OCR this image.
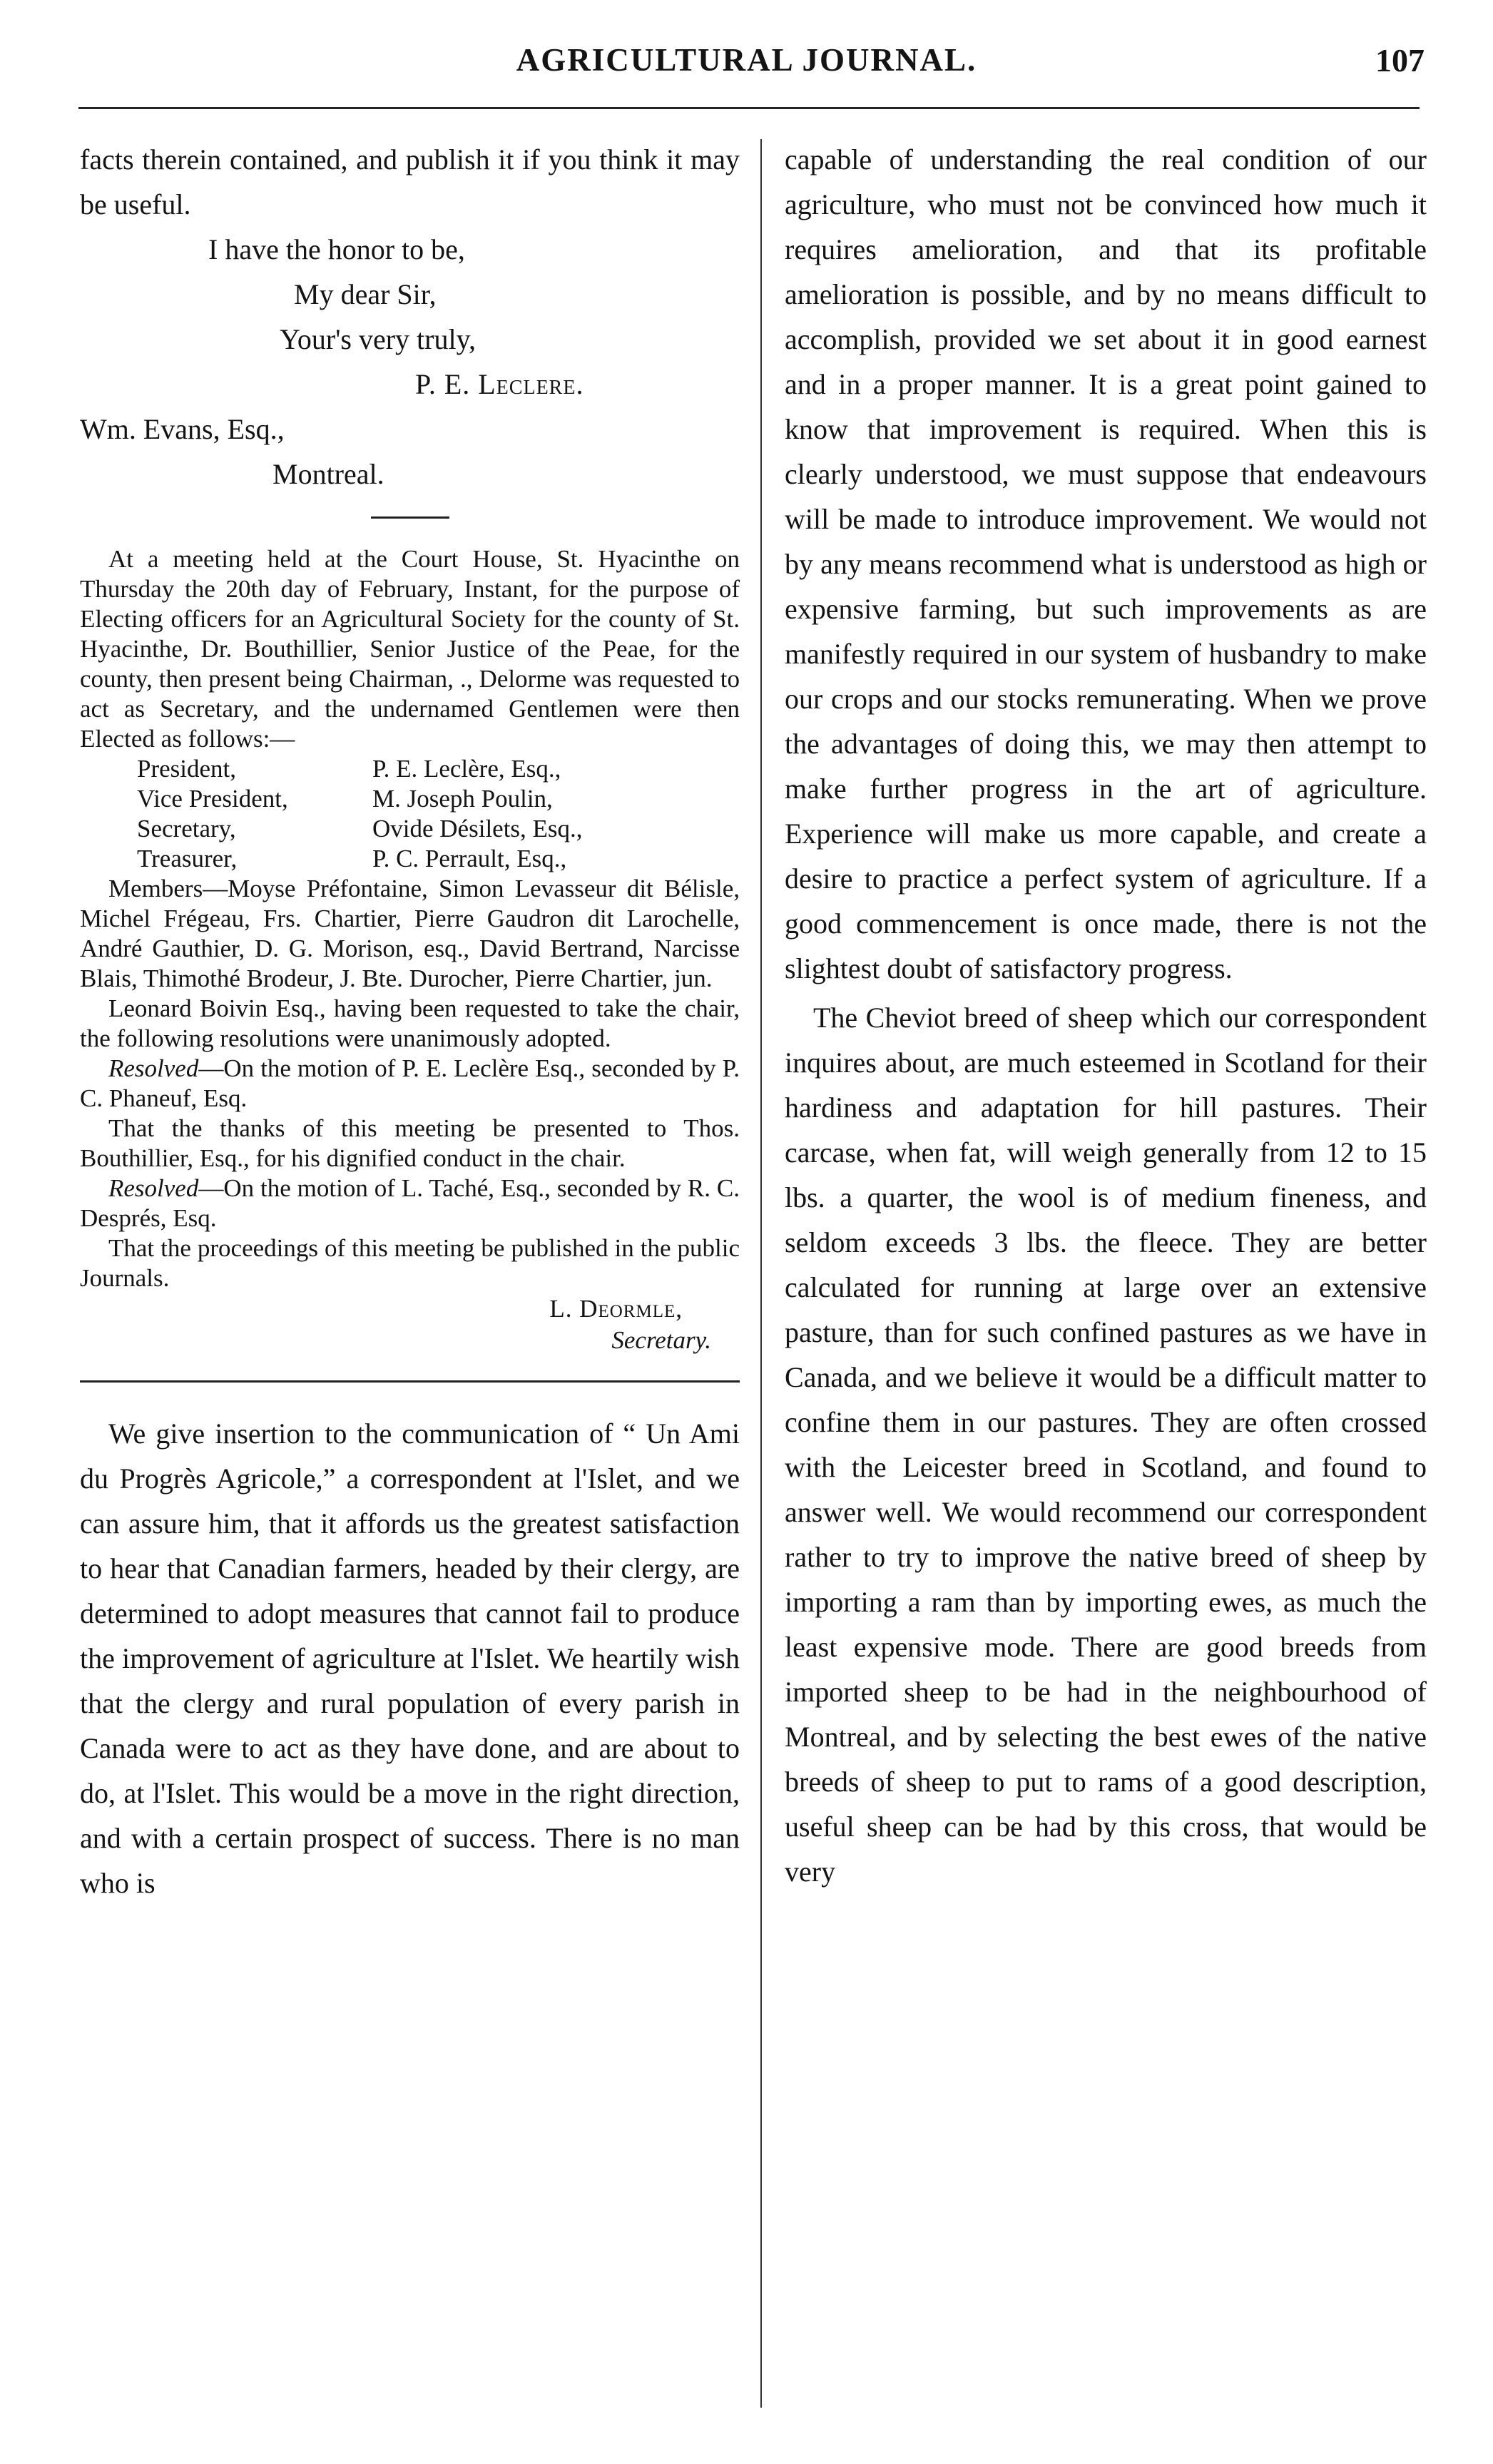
AGRICULTURAL JOURNAL.	107

facts therein contained, and publish it if you think it may be useful.

I have the honor to be,
My dear Sir,
Your's very truly,
P. E. Leclere.
Wm. Evans, Esq.,
Montreal.

At a meeting held at the Court House, St. Hyacinthe on Thursday the 20th day of February, Instant, for the purpose of Electing officers for an Agricultural Society for the county of St. Hyacinthe, Dr. Bouthillier, Senior Justice of the Peae, for the county, then present being Chairman, ., Delorme was requested to act as Secretary, and the undernamed Gentlemen were then Elected as follows:—

President,	P. E. Leclère, Esq.,
Vice President,	M. Joseph Poulin,
Secretary,	Ovide Désilets, Esq.,
Treasurer,	P. C. Perrault, Esq.,

Members—Moyse Préfontaine, Simon Levasseur dit Bélisle, Michel Frégeau, Frs. Chartier, Pierre Gaudron dit Larochelle, André Gauthier, D. G. Morison, esq., David Bertrand, Narcisse Blais, Thimothé Brodeur, J. Bte. Durocher, Pierre Chartier, jun.

Leonard Boivin Esq., having been requested to take the chair, the following resolutions were unanimously adopted.

Resolved—On the motion of P. E. Leclère Esq., seconded by P. C. Phaneuf, Esq.

That the thanks of this meeting be presented to Thos. Bouthillier, Esq., for his dignified conduct in the chair.

Resolved—On the motion of L. Taché, Esq., seconded by R. C. Després, Esq.

That the proceedings of this meeting be published in the public Journals.

L. Deormle,
Secretary.

We give insertion to the communication of “ Un Ami du Progrès Agricole,” a correspondent at l'Islet, and we can assure him, that it affords us the greatest satisfaction to hear that Canadian farmers, headed by their clergy, are determined to adopt measures that cannot fail to produce the improvement of agriculture at l'Islet. We heartily wish that the clergy and rural population of every parish in Canada were to act as they have done, and are about to do, at l'Islet. This would be a move in the right direction, and with a certain prospect of success. There is no man who is

capable of understanding the real condition of our agriculture, who must not be convinced how much it requires amelioration, and that its profitable amelioration is possible, and by no means difficult to accomplish, provided we set about it in good earnest and in a proper manner. It is a great point gained to know that improvement is required. When this is clearly understood, we must suppose that endeavours will be made to introduce improvement. We would not by any means recommend what is understood as high or expensive farming, but such improvements as are manifestly required in our system of husbandry to make our crops and our stocks remunerating. When we prove the advantages of doing this, we may then attempt to make further progress in the art of agriculture. Experience will make us more capable, and create a desire to practice a perfect system of agriculture. If a good commencement is once made, there is not the slightest doubt of satisfactory progress.

The Cheviot breed of sheep which our correspondent inquires about, are much esteemed in Scotland for their hardiness and adaptation for hill pastures. Their carcase, when fat, will weigh generally from 12 to 15 lbs. a quarter, the wool is of medium fineness, and seldom exceeds 3 lbs. the fleece. They are better calculated for running at large over an extensive pasture, than for such confined pastures as we have in Canada, and we believe it would be a difficult matter to confine them in our pastures. They are often crossed with the Leicester breed in Scotland, and found to answer well. We would recommend our correspondent rather to try to improve the native breed of sheep by importing a ram than by importing ewes, as much the least expensive mode. There are good breeds from imported sheep to be had in the neighbourhood of Montreal, and by selecting the best ewes of the native breeds of sheep to put to rams of a good description, useful sheep can be had by this cross, that would be very
